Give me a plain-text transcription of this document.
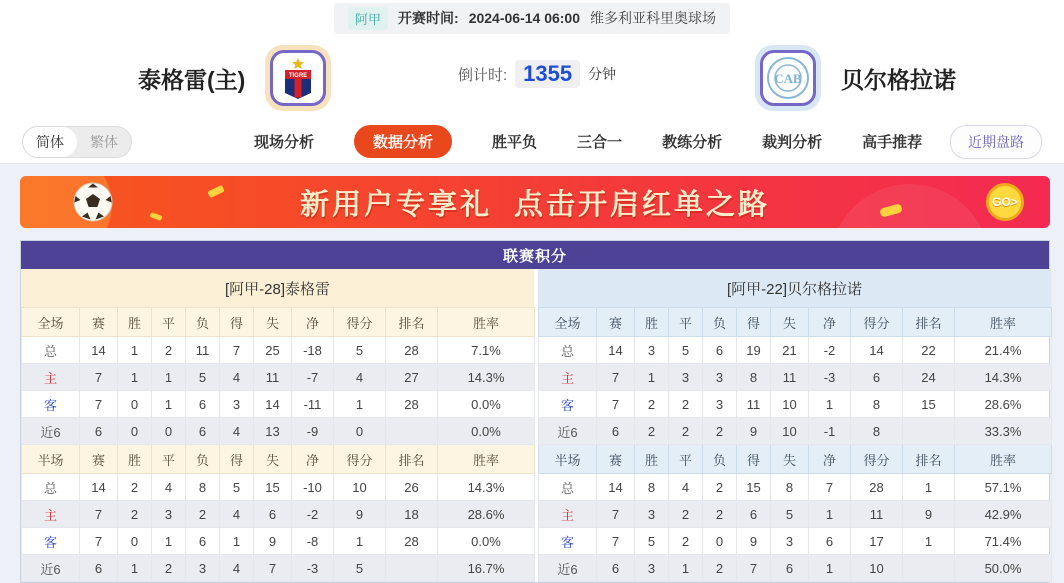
阿甲	开赛时间: 2024-06-14 06:00 维多利亚科里奥球场
泰格雷(主)	TIGRE	倒计时: 1355	分钟	CAB 贝尔格拉诺
简体	繁体	现场分析	数据分析	胜平负	三合一	教练分析	裁判分析	高手推荐	近期盘路
新用户专享礼  点击开启红单之路	GO>
联赛积分
[阿甲-28]泰格雷
全场	赛	胜	平	负	得	失	净	得分	排名	胜率
总	14	1	2	11	7	25	-18	5	28	7.1%
主	7	1	1	5	4	11	-7	4	27	14.3%
客	7	0	1	6	3	14	-11	1	28	0.0%
近6	6	0	0	6	4	13	-9	0		0.0%
半场	赛	胜	平	负	得	失	净	得分	排名	胜率
总	14	2	4	8	5	15	-10	10	26	14.3%
主	7	2	3	2	4	6	-2	9	18	28.6%
客	7	0	1	6	1	9	-8	1	28	0.0%
近6	6	1	2	3	4	7	-3	5		16.7%
[阿甲-22]贝尔格拉诺
全场	赛	胜	平	负	得	失	净	得分	排名	胜率
总	14	3	5	6	19	21	-2	14	22	21.4%
主	7	1	3	3	8	11	-3	6	24	14.3%
客	7	2	2	3	11	10	1	8	15	28.6%
近6	6	2	2	2	9	10	-1	8		33.3%
半场	赛	胜	平	负	得	失	净	得分	排名	胜率
总	14	8	4	2	15	8	7	28	1	57.1%
主	7	3	2	2	6	5	1	11	9	42.9%
客	7	5	2	0	9	3	6	17	1	71.4%
近6	6	3	1	2	7	6	1	10		50.0%
